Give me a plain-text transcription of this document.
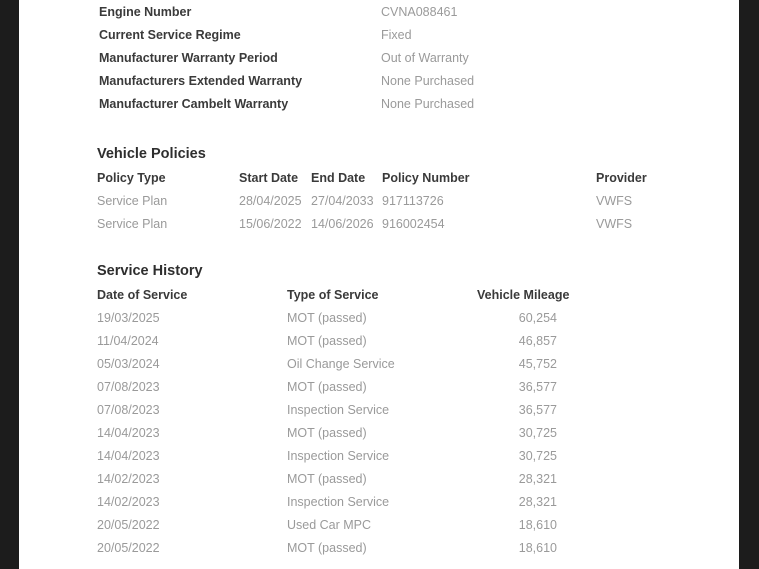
Engine Number	CVNA088461
Current Service Regime	Fixed
Manufacturer Warranty Period	Out of Warranty
Manufacturers Extended Warranty	None Purchased
Manufacturer Cambelt Warranty	None Purchased
Vehicle Policies
Policy Type	Start Date End Date Policy Number	Provider
Service Plan	28/04/2025 27/04/2033 917113726	VWFS
Service Plan	15/06/2022 14/06/2026 916002454	VWFS
Service History
Date of Service	Type of Service	Vehicle Mileage
19/03/2025	MOT (passed)	60,254
11/04/2024	MOT (passed)	46,857
05/03/2024	Oil Change Service	45,752
07/08/2023	MOT (passed)	36,577
07/08/2023	Inspection Service	36,577
14/04/2023	MOT (passed)	30,725
14/04/2023	Inspection Service	30,725
14/02/2023	MOT (passed)	28,321
14/02/2023	Inspection Service	28,321
20/05/2022	Used Car MPC	18,610
20/05/2022	MOT (passed)	18,610
